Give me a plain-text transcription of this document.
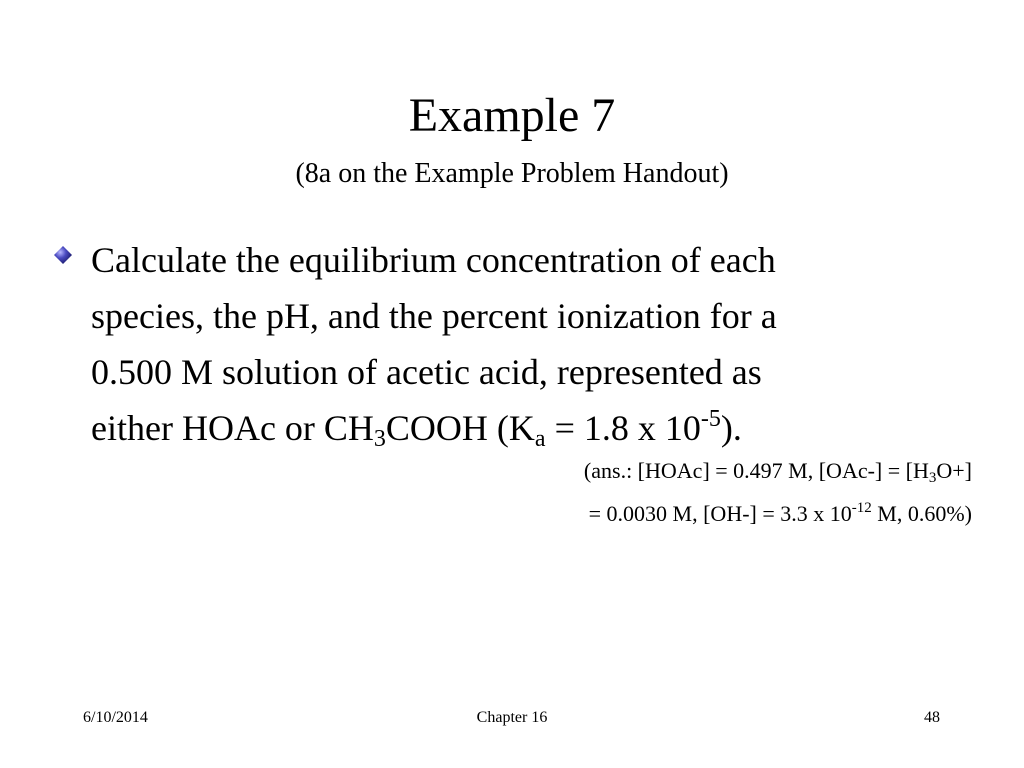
Example 7
(8a on the Example Problem Handout)

Calculate the equilibrium concentration of each
species, the pH, and the percent ionization for a
0.500 M solution of acetic acid, represented as
either HOAc or $CH_3COOH$ ($K_a = 1.8$ x $10^{-5}$).

(ans.: [HOAc] = 0.497 M, $[OAc-] = [H_3O+]$
= 0.0030 M, [OH-] = 3.3 x $10^{-12}$ M, 0.60%)
6/10/2014	Chapter 16	48
